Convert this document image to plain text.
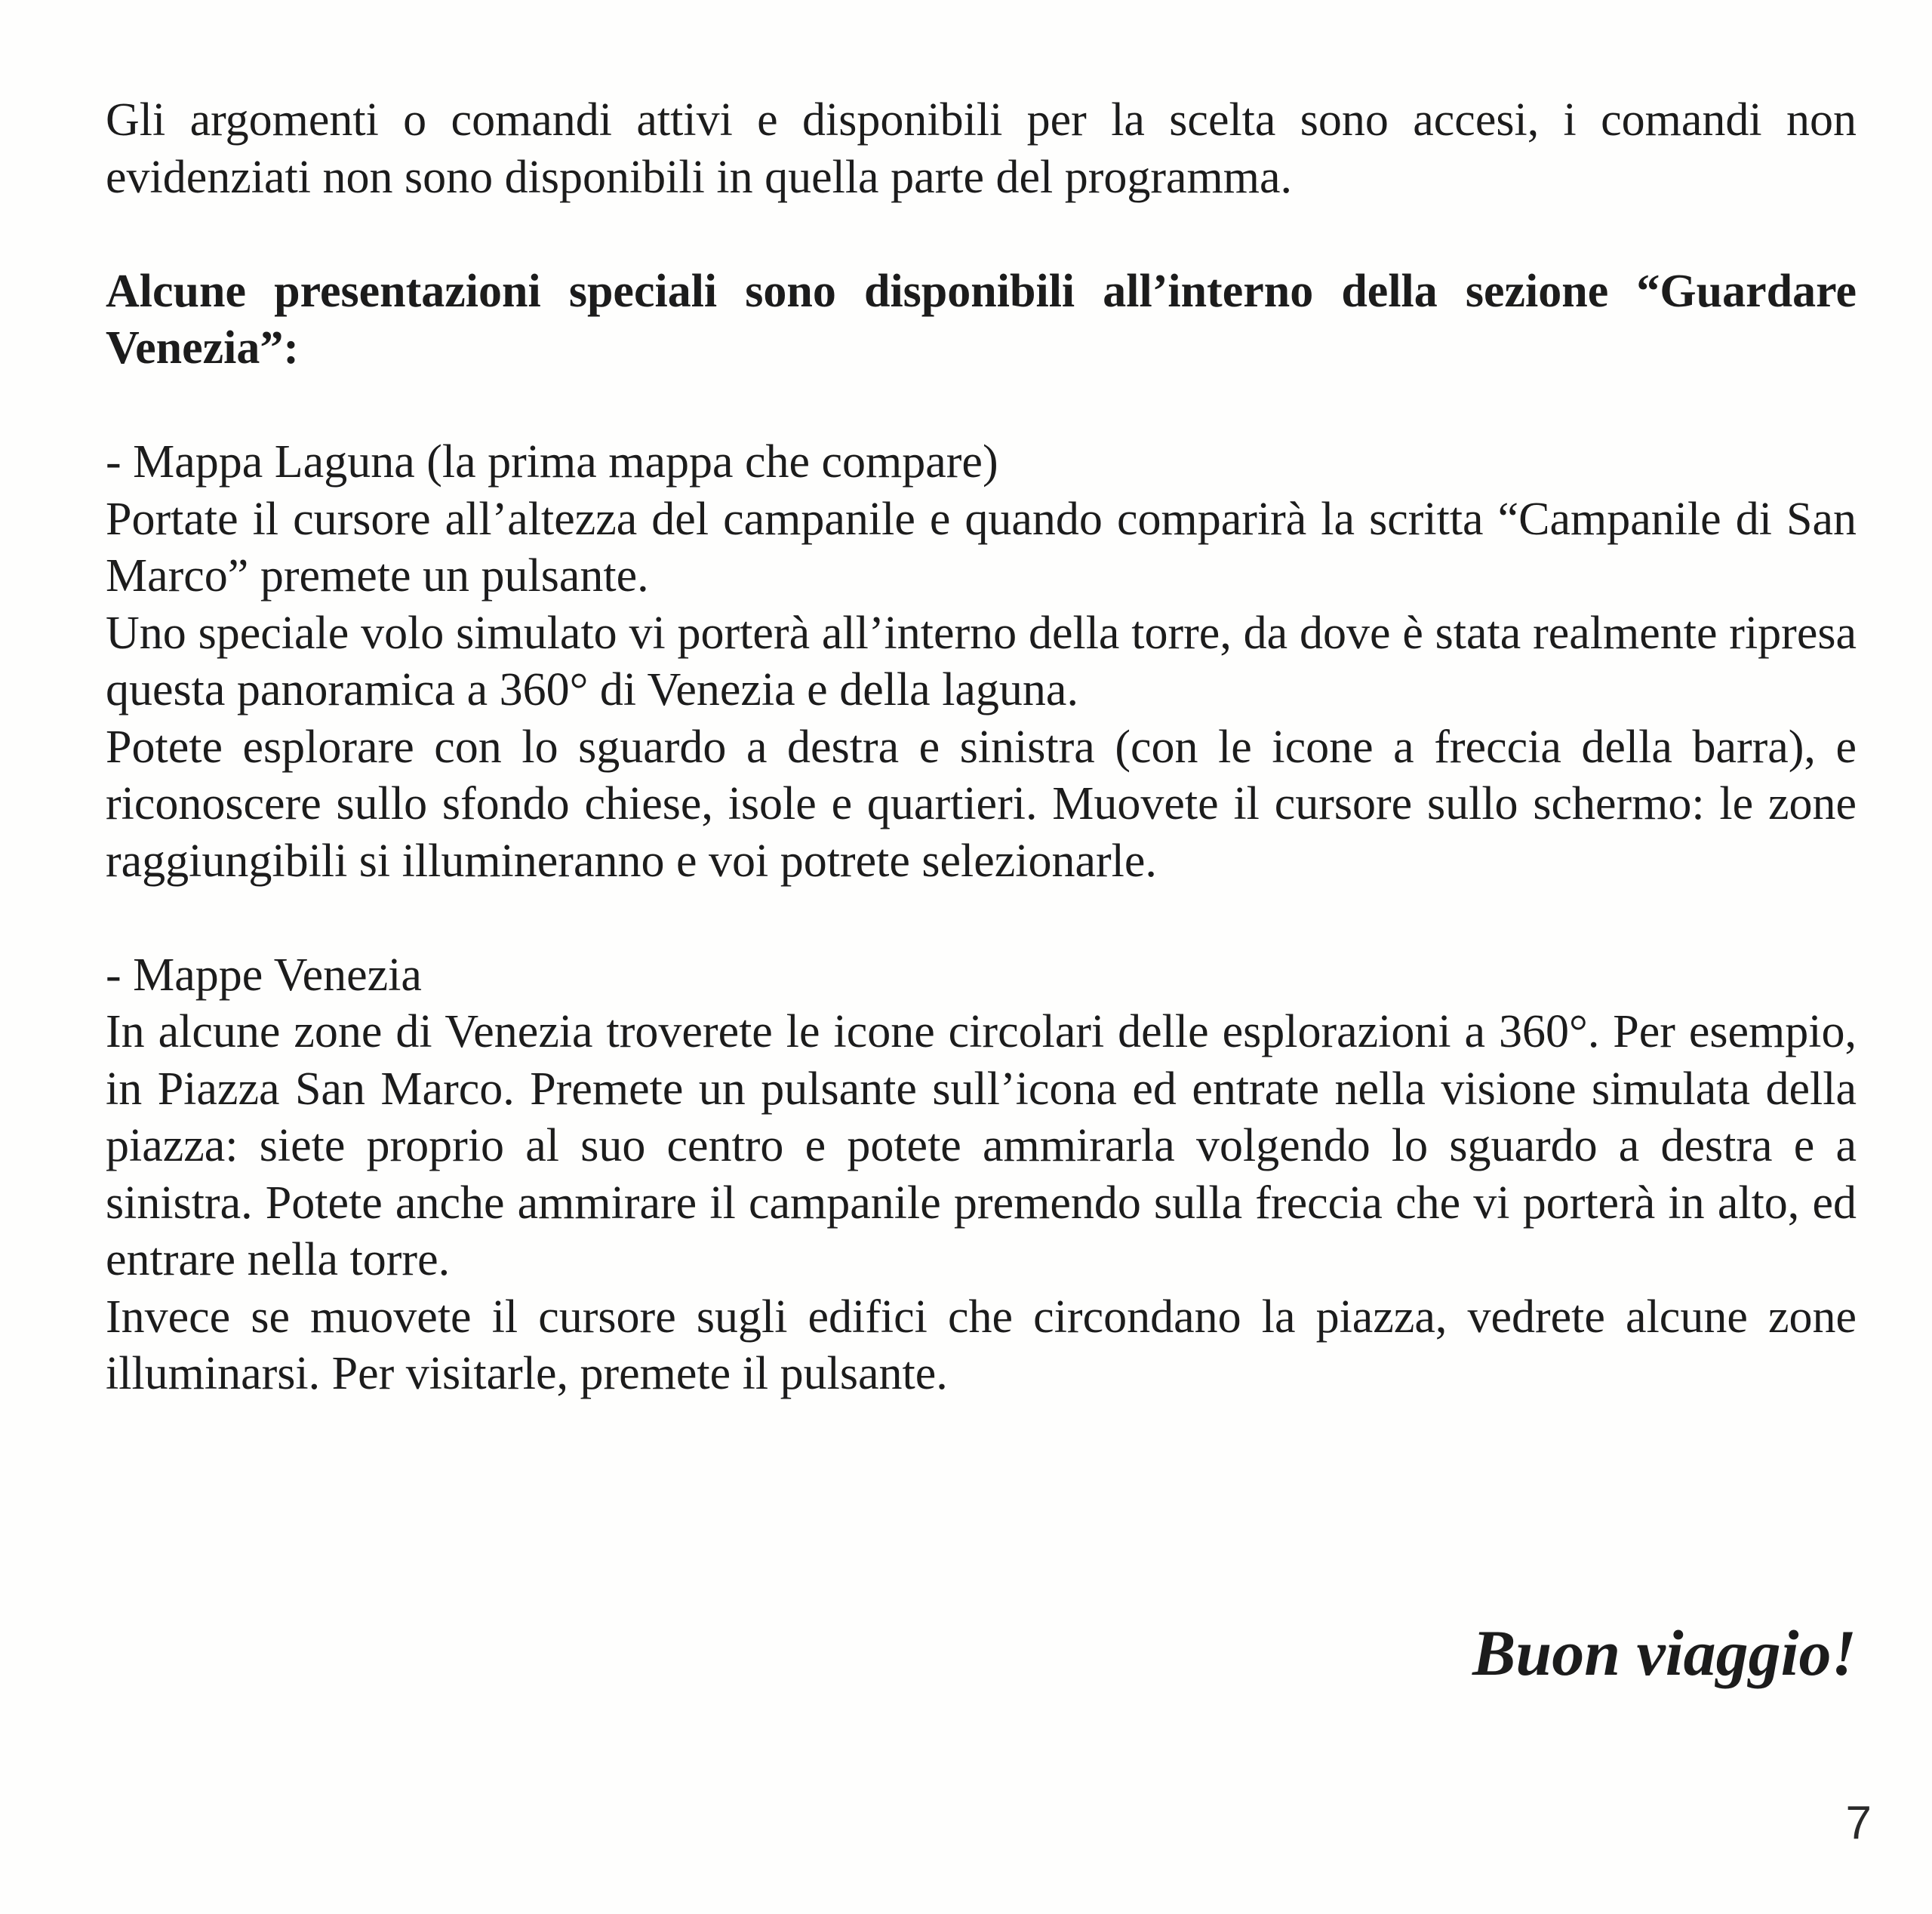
Gli argomenti o comandi attivi e disponibili per la scelta sono accesi, i comandi non evidenziati non sono disponibili in quella parte del programma.

Alcune presentazioni speciali sono disponibili all’interno della sezione “Guardare Venezia”:

- Mappa Laguna (la prima mappa che compare)

Portate il cursore all’altezza del campanile e quando comparirà la scritta “Campanile di San Marco” premete un pulsante.

Uno speciale volo simulato vi porterà all’interno della torre, da dove è stata realmente ripresa questa panoramica a 360° di Venezia e della laguna.

Potete esplorare con lo sguardo a destra e sinistra (con le icone a freccia della barra), e riconoscere sullo sfondo chiese, isole e quartieri. Muovete il cursore sullo schermo: le zone raggiungibili si illumineranno e voi potrete selezionarle.

- Mappe Venezia

In alcune zone di Venezia troverete le icone circolari delle esplorazioni a 360°. Per esempio, in Piazza San Marco. Premete un pulsante sull’icona ed entrate nella visione simulata della piazza: siete proprio al suo centro e potete ammirarla volgendo lo sguardo a destra e a sinistra. Potete anche ammirare il campanile premendo sulla freccia che vi porterà in alto, ed entrare nella torre.

Invece se muovete il cursore sugli edifici che circondano la piazza, vedrete alcune zone illuminarsi. Per visitarle, premete il pulsante.

Buon viaggio!

7
